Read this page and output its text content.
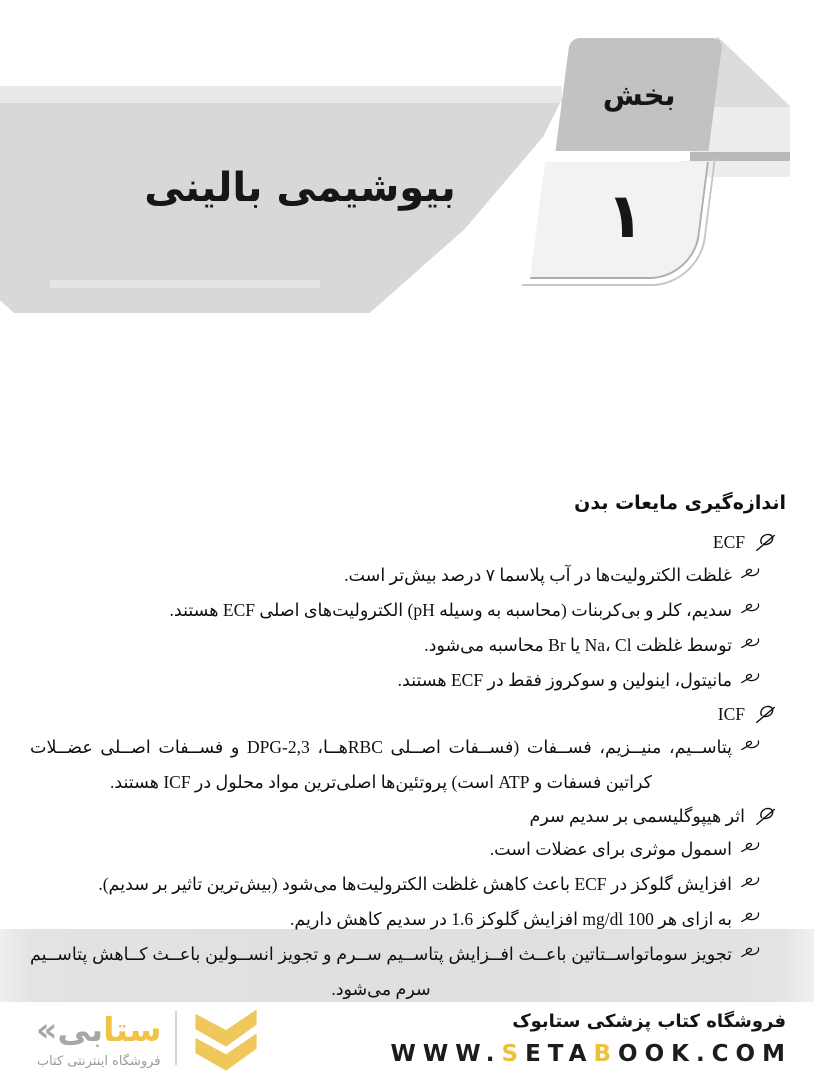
۱
بخش
بیوشیمی بالینی
اندازه‌گیری مایعات بدن
ECF
غلظت الکترولیت‌ها در آب پلاسما ۷ درصد بیش‌تر است.
سدیم، کلر و بی‌کربنات (محاسبه به وسیله pH) الکترولیت‌های اصلی ECF هستند.
توسط غلظت Na، Cl یا Br محاسبه می‌شود.
مانیتول، اینولین و سوکروز فقط در ECF هستند.
ICF
پتاســیم، منیــزیم، فســفات (فســفات اصــلی RBCهــا، 2,3-DPG و فســفات اصــلی عضــلات
کراتین فسفات و ATP است) پروتئین‌ها اصلی‌ترین مواد محلول در ICF هستند.
اثر هیپوگلیسمی بر سدیم سرم
اسمول موثری برای عضلات است.
افزایش گلوکز در ECF باعث کاهش غلظت الکترولیت‌ها می‌شود (بیش‌ترین تاثیر بر سدیم).
به ازای هر 100 mg/dl افزایش گلوکز 1.6 در سدیم کاهش داریم.
تجویز سوماتواســتاتین باعــث افــزایش پتاســیم ســرم و تجویز انســولین باعــث کــاهش پتاســیم
سرم می‌شود.
فروشگاه کتاب پزشکی ستابوک
WWW.SETABOOK.COM
ستابی«
فروشگاه اینترنتی کتاب
